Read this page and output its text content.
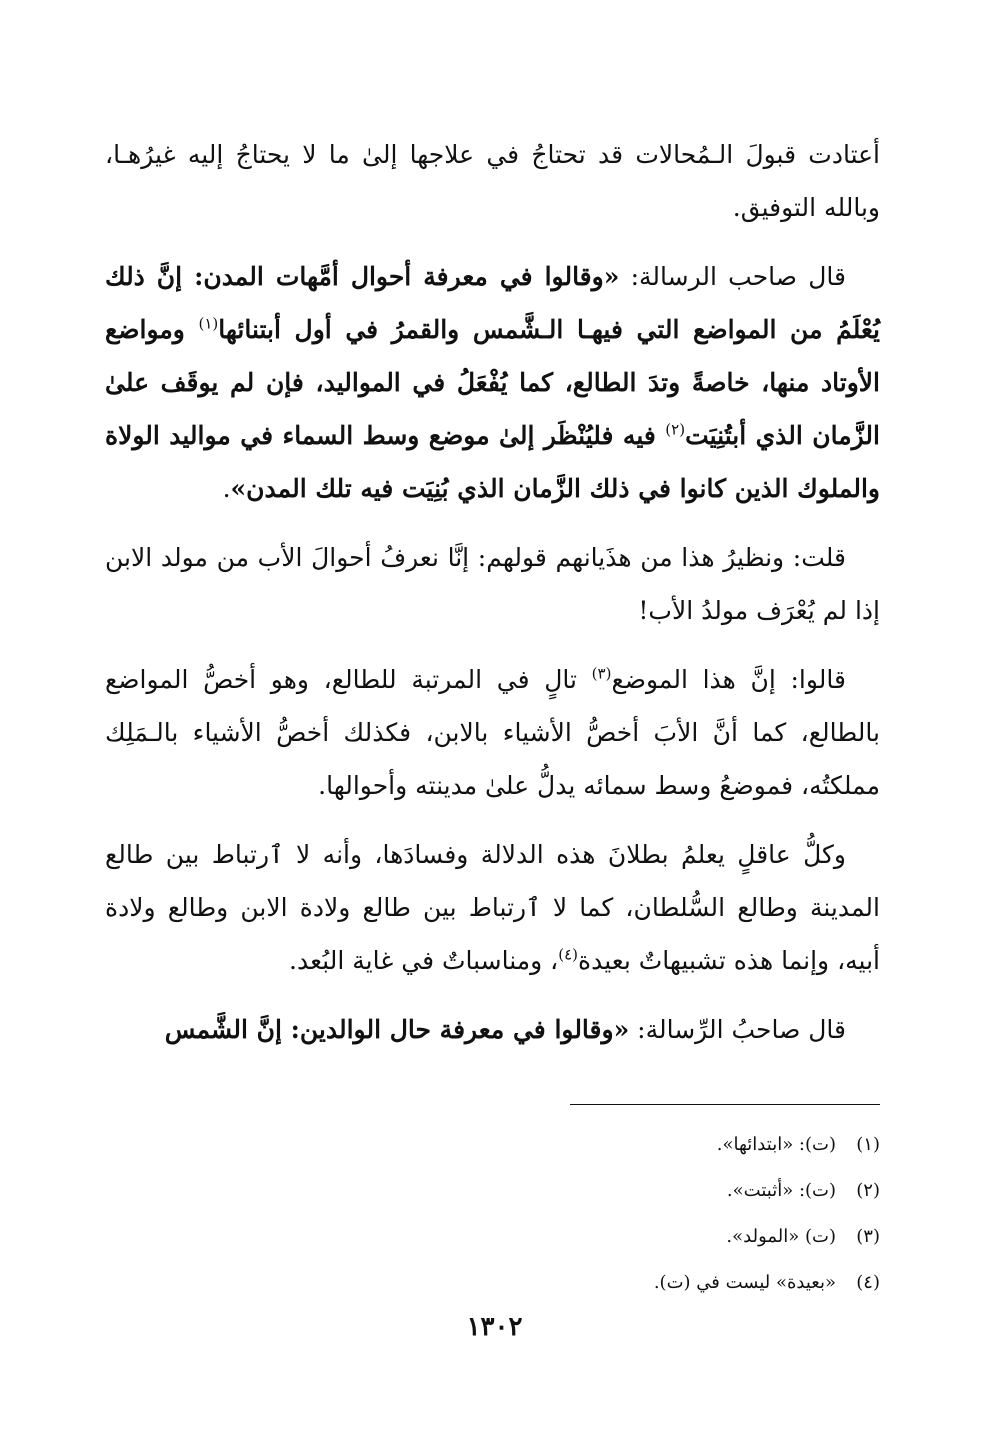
أعتادت قبولَ الـمُحالات قد تحتاجُ في علاجها إلىٰ ما لا يحتاجُ إليه غيرُهـا، وبالله التوفيق.

قال صاحب الرسالة: «وقالوا في معرفة أحوال أمَّهات المدن: إنَّ ذلك يُعْلَمُ من المواضع التي فيهـا الـشَّمس والقمرُ في أول أبتنائها$^{(١)}$ ومواضع الأوتاد منها، خاصةً وتدَ الطالع، كما يُفْعَلُ في المواليد، فإن لم يوقَف علىٰ الزَّمان الذي أبتُنِيَت$^{(٢)}$ فيه فليُنْظَر إلىٰ موضع وسط السماء في مواليد الولاة والملوك الذين كانوا في ذلك الزَّمان الذي بُنِيَت فيه تلك المدن».

قلت: ونظيرُ هذا من هذَيانهم قولهم: إنَّا نعرفُ أحوالَ الأب من مولد الابن إذا لم يُعْرَف مولدُ الأب!

قالوا: إنَّ هذا الموضع$^{(٣)}$ تالٍ في المرتبة للطالع، وهو أخصُّ المواضع بالطالع، كما أنَّ الأبَ أخصُّ الأشياء بالابن، فكذلك أخصُّ الأشياء بالـمَلِك مملكتُه، فموضعُ وسط سمائه يدلُّ علىٰ مدينته وأحوالها.

وكلُّ عاقلٍ يعلمُ بطلانَ هذه الدلالة وفسادَها، وأنه لا ٱرتباط بين طالع المدينة وطالع السُّلطان، كما لا ٱرتباط بين طالع ولادة الابن وطالع ولادة أبيه، وإنما هذه تشبيهاتٌ بعيدة$^{(٤)}$، ومناسباتٌ في غاية البُعد.

قال صاحبُ الرِّسالة: «وقالوا في معرفة حال الوالدين: إنَّ الشَّمس

(١)(ت): «ابتدائها».

(٢)(ت): «أثبتت».

(٣)(ت) «المولد».

(٤)«بعيدة» ليست في (ت).

١٣٠٢
